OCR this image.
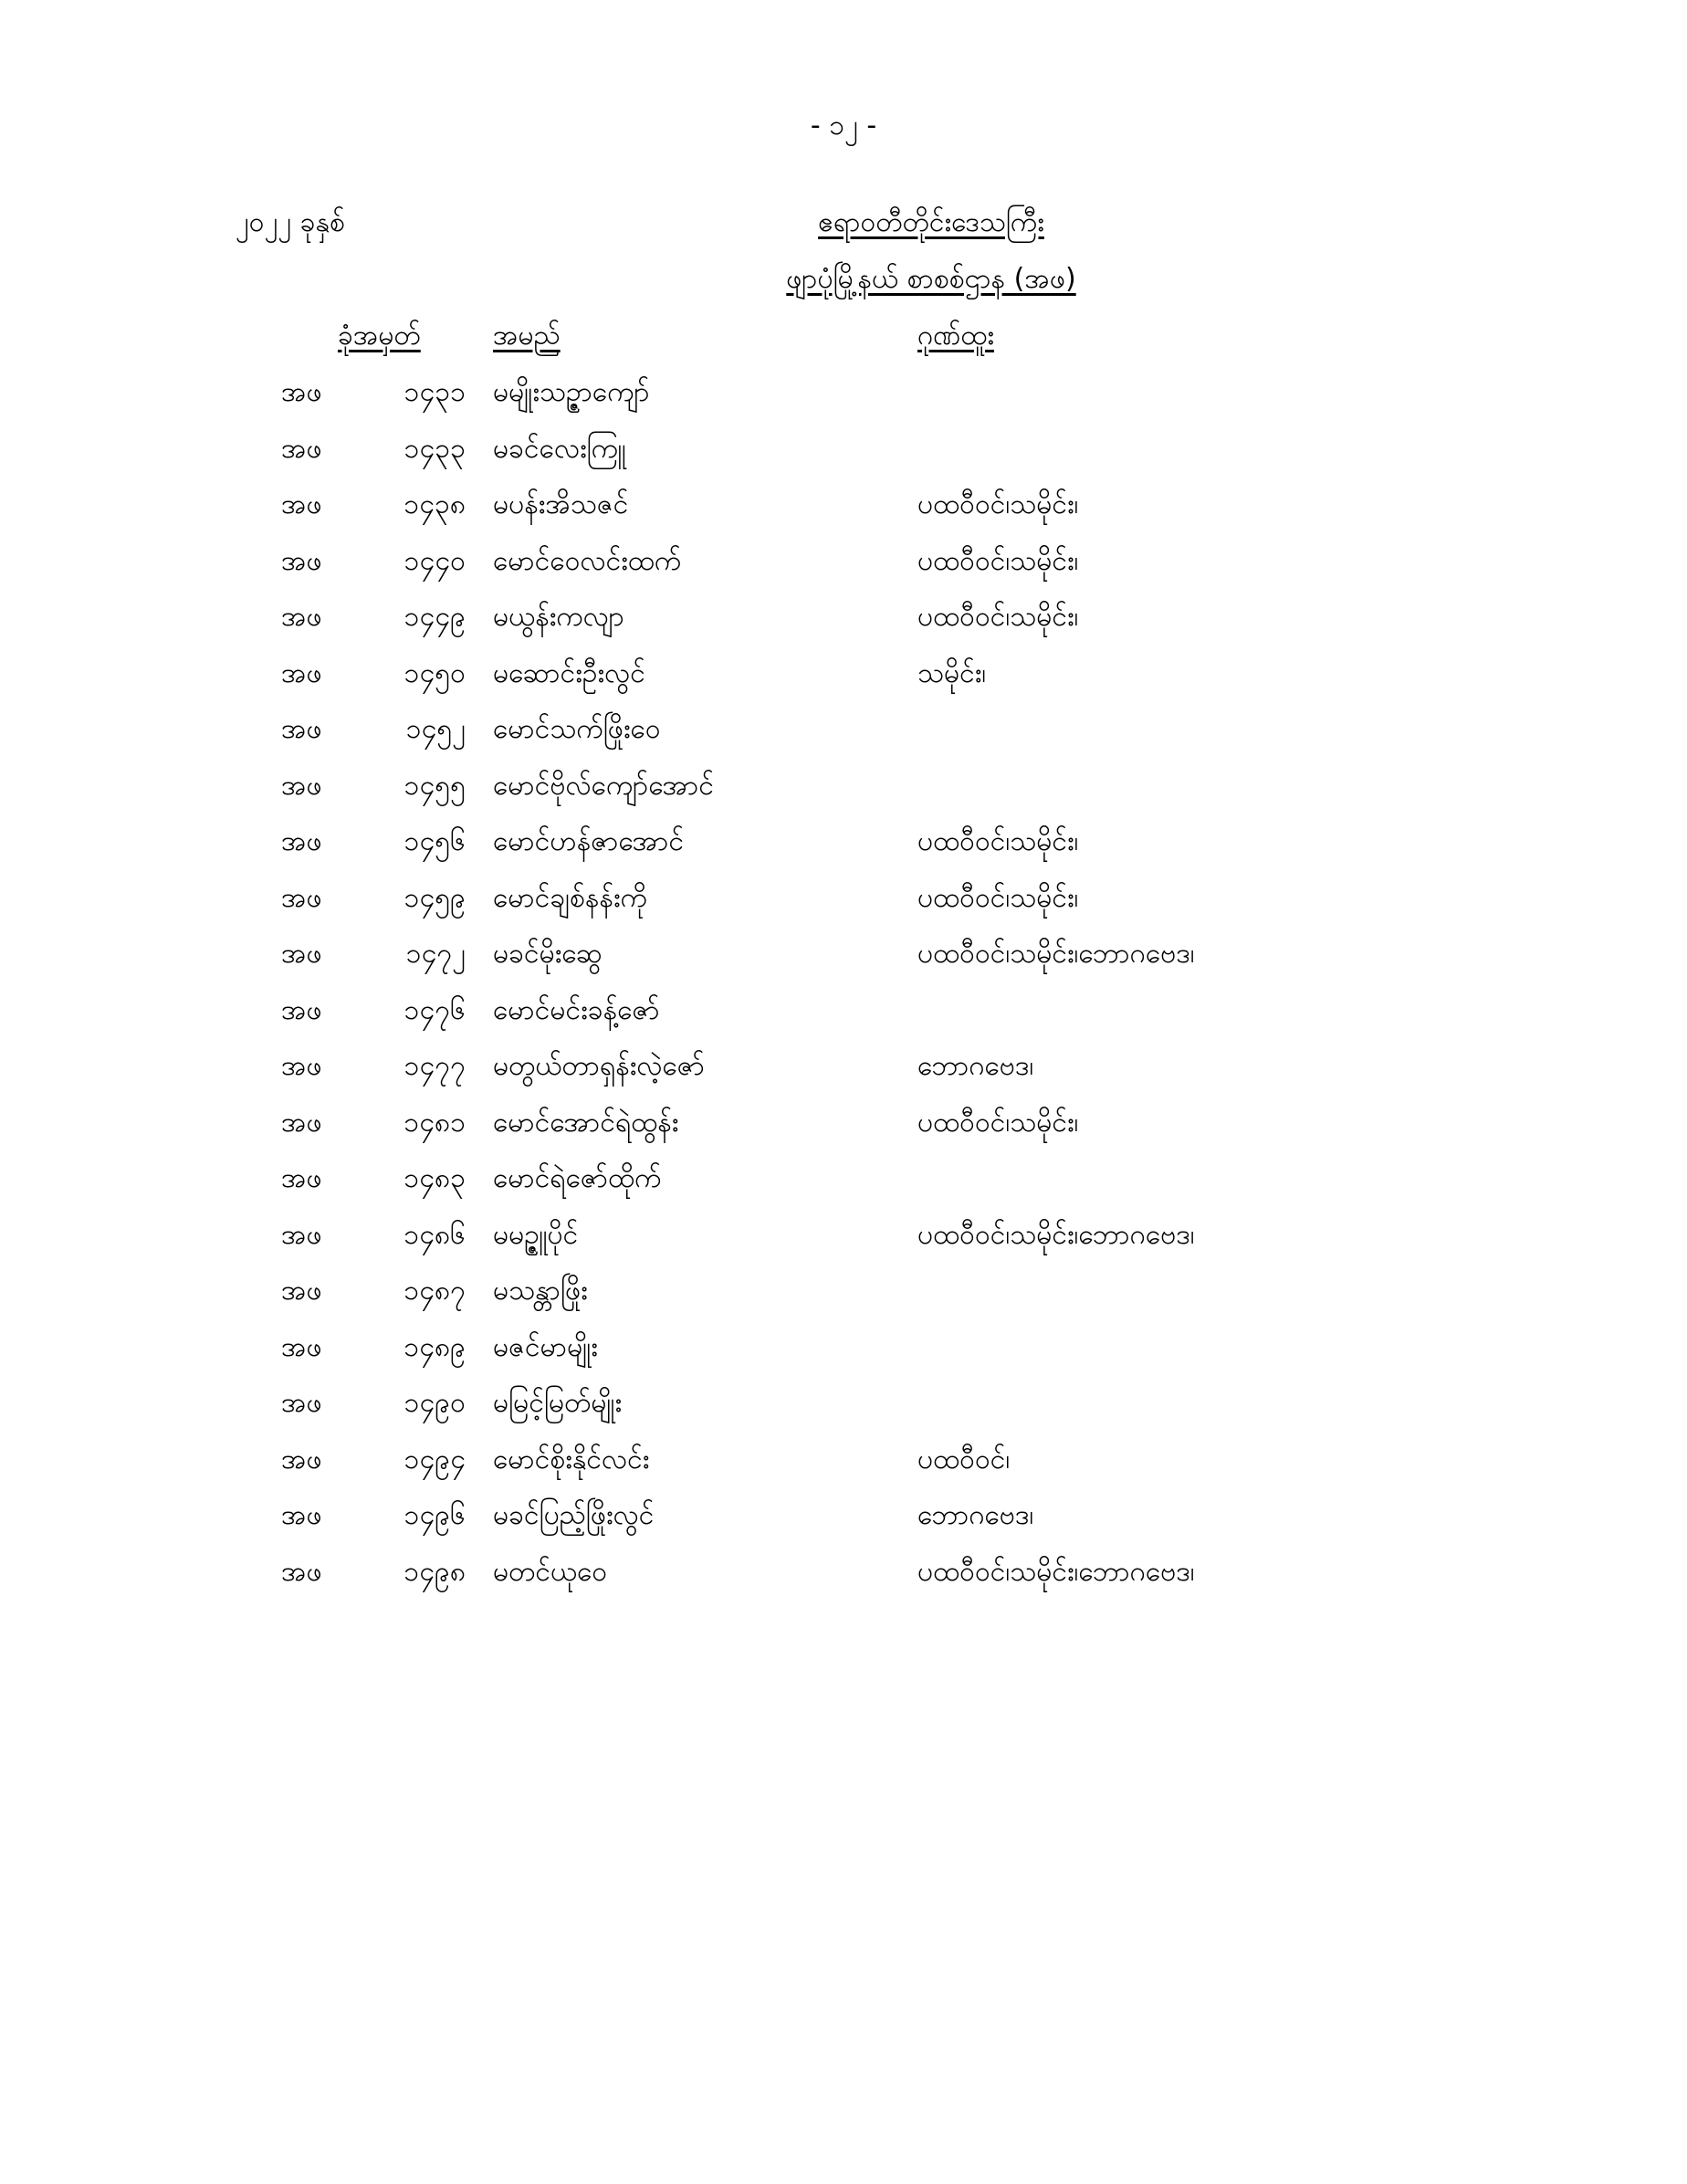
- ၁၂ -
၂၀၂၂ ခုနှစ်	ဧရာဝတီတိုင်းဒေသကြီး
ဖျာပုံမြို့နယ် စာစစ်ဌာန (အဖ)
ခုံအမှတ်	အမည်	ဂုဏ်ထူး
အဖ	၁၄၃၁ မမျိုးသဥ္ဇာကျော်
အဖ	၁၄၃၃ မခင်လေးကြူ
အဖ	၁၄၃၈ မပန်းအိသဇင်	ပထဝီဝင်၊သမိုင်း၊
အဖ	၁၄၄၀ မောင်ဝေလင်းထက်	ပထဝီဝင်၊သမိုင်း၊
အဖ	၁၄၄၉ မယွန်းကလျာ	ပထဝီဝင်၊သမိုင်း၊
အဖ	၁၄၅၀ မဆောင်းဦးလွင်	သမိုင်း၊
အဖ	၁၄၅၂ မောင်သက်ဖြိုးဝေ
အဖ	၁၄၅၅ မောင်ဗိုလ်ကျော်အောင်
အဖ	၁၄၅၆ မောင်ဟန်ဇာအောင်	ပထဝီဝင်၊သမိုင်း၊
အဖ	၁၄၅၉ မောင်ချစ်နန်းကို	ပထဝီဝင်၊သမိုင်း၊
အဖ	၁၄၇၂ မခင်မိုးဆွေ	ပထဝီဝင်၊သမိုင်း၊ဘောဂဗေဒ၊
အဖ	၁၄၇၆ မောင်မင်းခန့်ဇော်
အဖ	၁၄၇၇ မတွယ်တာရှန်းလဲ့ဇော်	ဘောဂဗေဒ၊
အဖ	၁၄၈၁ မောင်အောင်ရဲထွန်း	ပထဝီဝင်၊သမိုင်း၊
အဖ	၁၄၈၃ မောင်ရဲဇော်ထိုက်
အဖ	၁၄၈၆ မမဥ္ဇူပိုင်	ပထဝီဝင်၊သမိုင်း၊ဘောဂဗေဒ၊
အဖ	၁၄၈၇ မသန္တာဖြိုး
အဖ	၁၄၈၉ မဇင်မာမျိုး
အဖ	၁၄၉၀ မမြင့်မြတ်မျိုး
အဖ	၁၄၉၄ မောင်စိုးနိုင်လင်း	ပထဝီဝင်၊
အဖ	၁၄၉၆ မခင်ပြည့်ဖြိုးလွင်	ဘောဂဗေဒ၊
အဖ	၁၄၉၈ မတင်ယုဝေ	ပထဝီဝင်၊သမိုင်း၊ဘောဂဗေဒ၊
